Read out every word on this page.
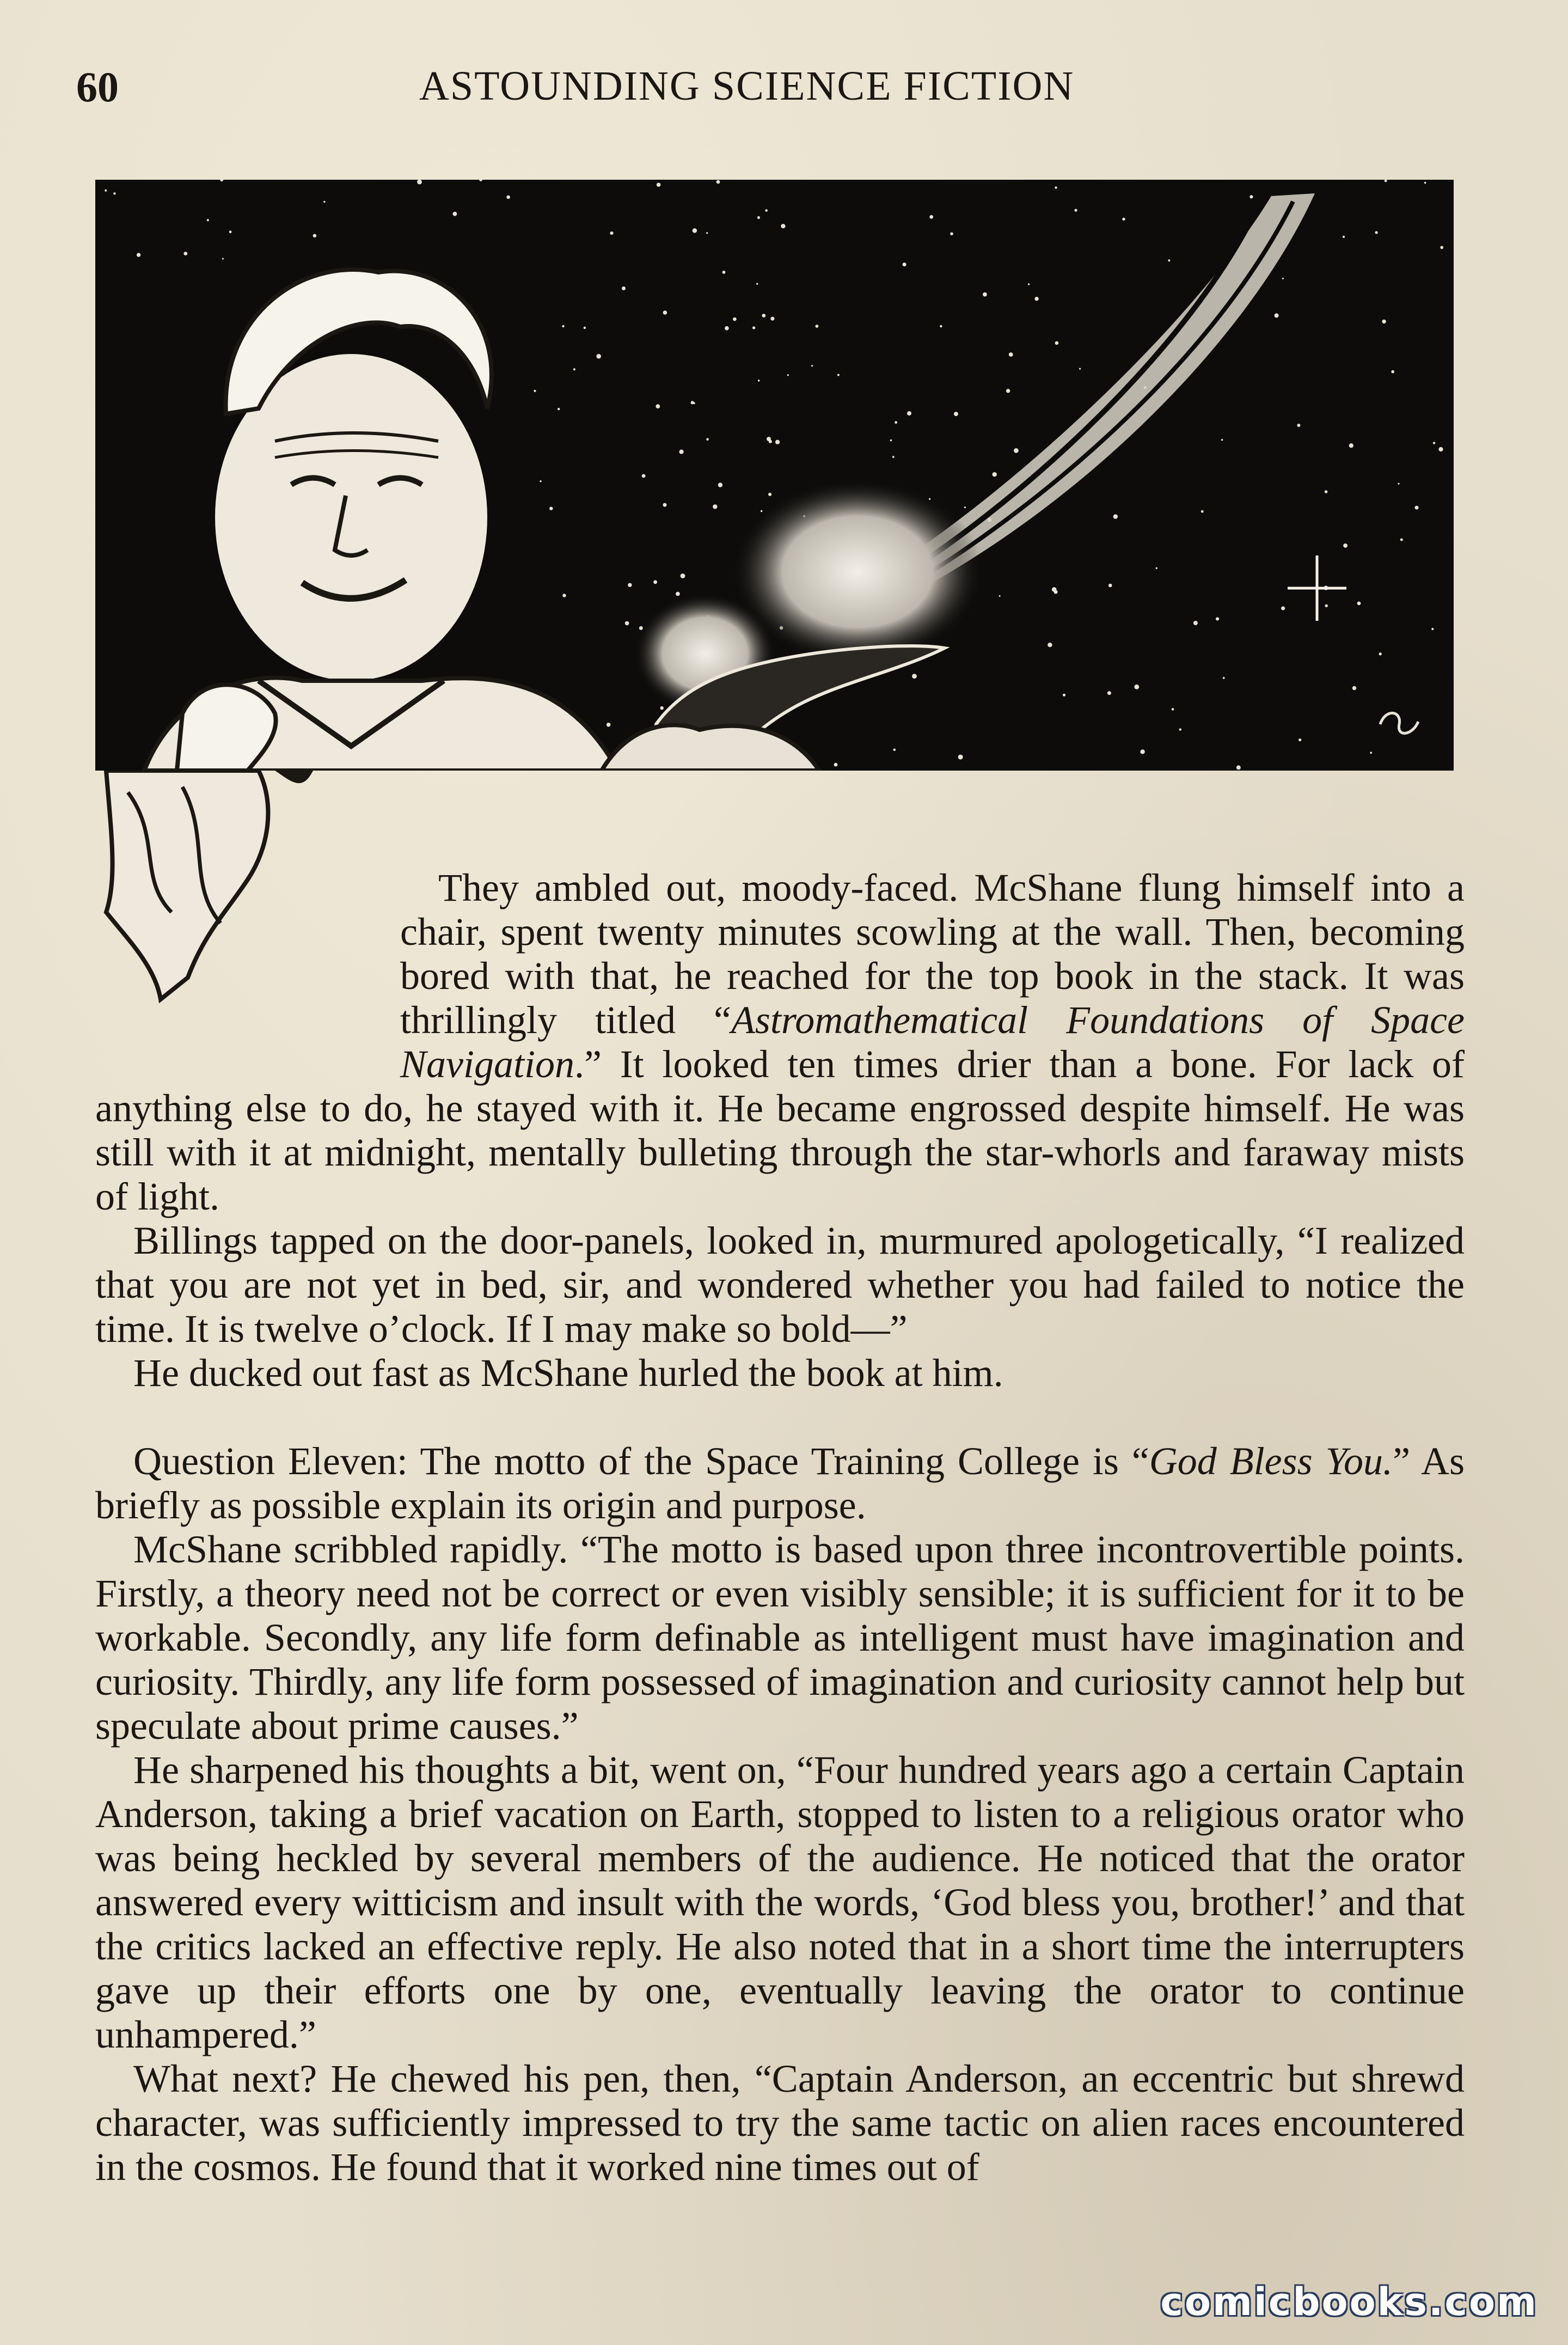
60	ASTOUNDING SCIENCE FICTION

They ambled out, moody-faced. McShane flung himself into a chair, spent twenty minutes scowling at the wall. Then, becoming bored with that, he reached for the top book in the stack. It was thrillingly titled “Astromathematical Foundations of Space Navigation.” It looked ten times drier than a bone. For lack of anything else to do, he stayed with it. He became engrossed despite himself. He was still with it at midnight, mentally bulleting through the star-whorls and faraway mists of light.

Billings tapped on the door-panels, looked in, murmured apologetically, “I realized that you are not yet in bed, sir, and wondered whether you had failed to notice the time. It is twelve o’clock. If I may make so bold—”

He ducked out fast as McShane hurled the book at him.

Question Eleven: The motto of the Space Training College is “God Bless You.” As briefly as possible explain its origin and purpose.

McShane scribbled rapidly. “The motto is based upon three incontrovertible points. Firstly, a theory need not be correct or even visibly sensible; it is sufficient for it to be workable. Secondly, any life form definable as intelligent must have imagination and curiosity. Thirdly, any life form possessed of imagination and curiosity cannot help but speculate about prime causes.”

He sharpened his thoughts a bit, went on, “Four hundred years ago a certain Captain Anderson, taking a brief vacation on Earth, stopped to listen to a religious orator who was being heckled by several members of the audience. He noticed that the orator answered every witticism and insult with the words, ‘God bless you, brother!’ and that the critics lacked an effective reply. He also noted that in a short time the interrupters gave up their efforts one by one, eventually leaving the orator to continue unhampered.”

What next? He chewed his pen, then, “Captain Anderson, an eccentric but shrewd character, was sufficiently impressed to try the same tactic on alien races encountered in the cosmos. He found that it worked nine times out of

comicbooks.com
